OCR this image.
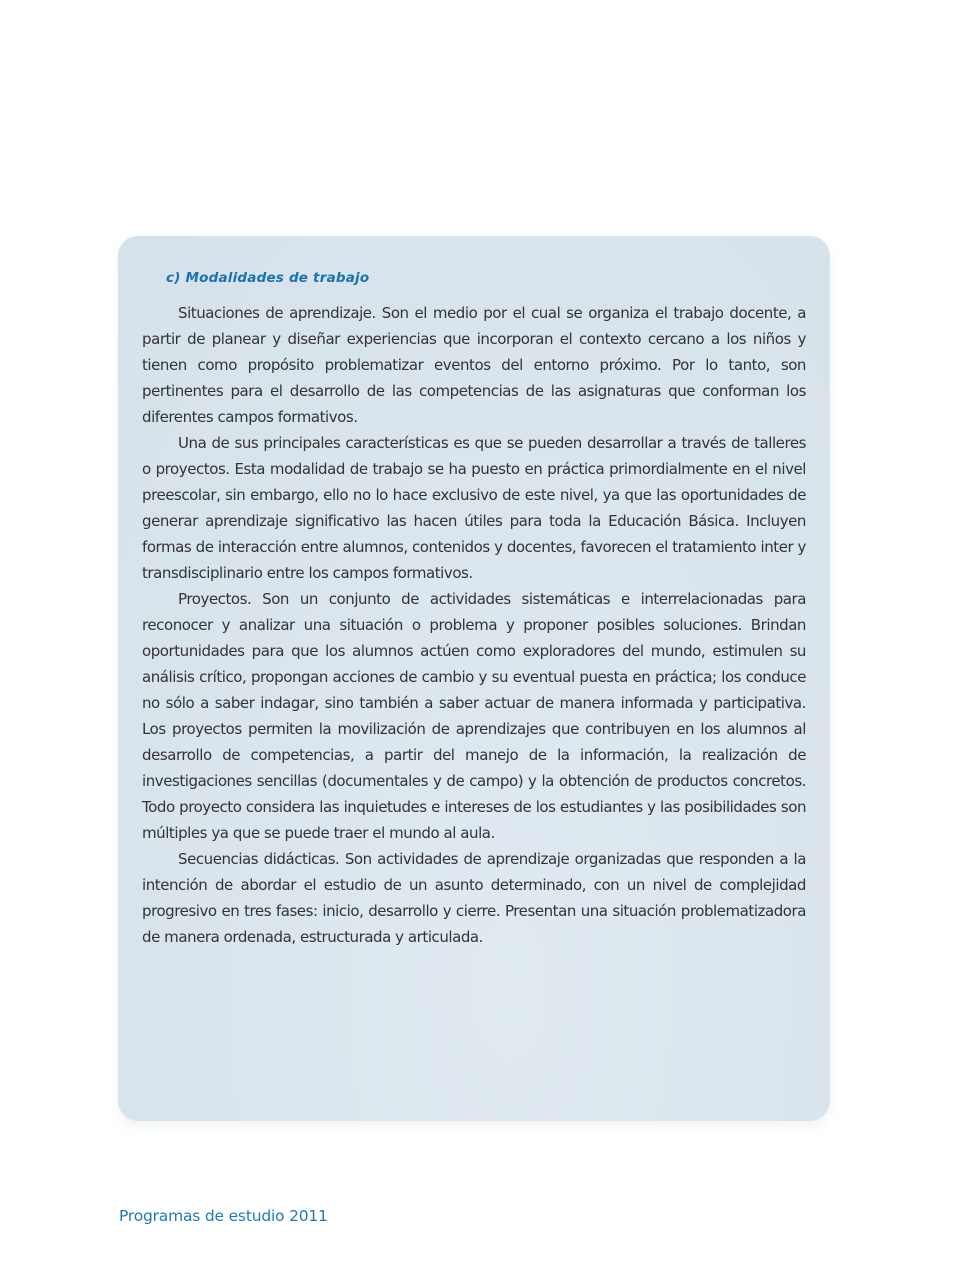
c) Modalidades de trabajo

Situaciones de aprendizaje. Son el medio por el cual se organiza el trabajo docente, a partir de planear y diseñar experiencias que incorporan el contexto cercano a los niños y tienen como propósito problematizar eventos del entorno próximo. Por lo tanto, son pertinentes para el desarrollo de las competencias de las asignaturas que conforman los diferentes campos formativos.

Una de sus principales características es que se pueden desarrollar a través de talleres o proyectos. Esta modalidad de trabajo se ha puesto en práctica primordialmente en el nivel preescolar, sin embargo, ello no lo hace exclusivo de este nivel, ya que las oportunidades de generar aprendizaje significativo las hacen útiles para toda la Educación Básica. Incluyen formas de interacción entre alumnos, contenidos y docentes, favorecen el tratamiento inter y transdisciplinario entre los campos formativos.

Proyectos. Son un conjunto de actividades sistemáticas e interrelacionadas para reconocer y analizar una situación o problema y proponer posibles soluciones. Brindan oportunidades para que los alumnos actúen como exploradores del mundo, estimulen su análisis crítico, propongan acciones de cambio y su eventual puesta en práctica; los conduce no sólo a saber indagar, sino también a saber actuar de manera informada y participativa. Los proyectos permiten la movilización de aprendizajes que contribuyen en los alumnos al desarrollo de competencias, a partir del manejo de la información, la realización de investigaciones sencillas (documentales y de campo) y la obtención de productos concretos. Todo proyecto considera las inquietudes e intereses de los estudiantes y las posibilidades son múltiples ya que se puede traer el mundo al aula.

Secuencias didácticas. Son actividades de aprendizaje organizadas que responden a la intención de abordar el estudio de un asunto determinado, con un nivel de complejidad progresivo en tres fases: inicio, desarrollo y cierre. Presentan una situación problematizadora de manera ordenada, estructurada y articulada.

Programas de estudio 2011
